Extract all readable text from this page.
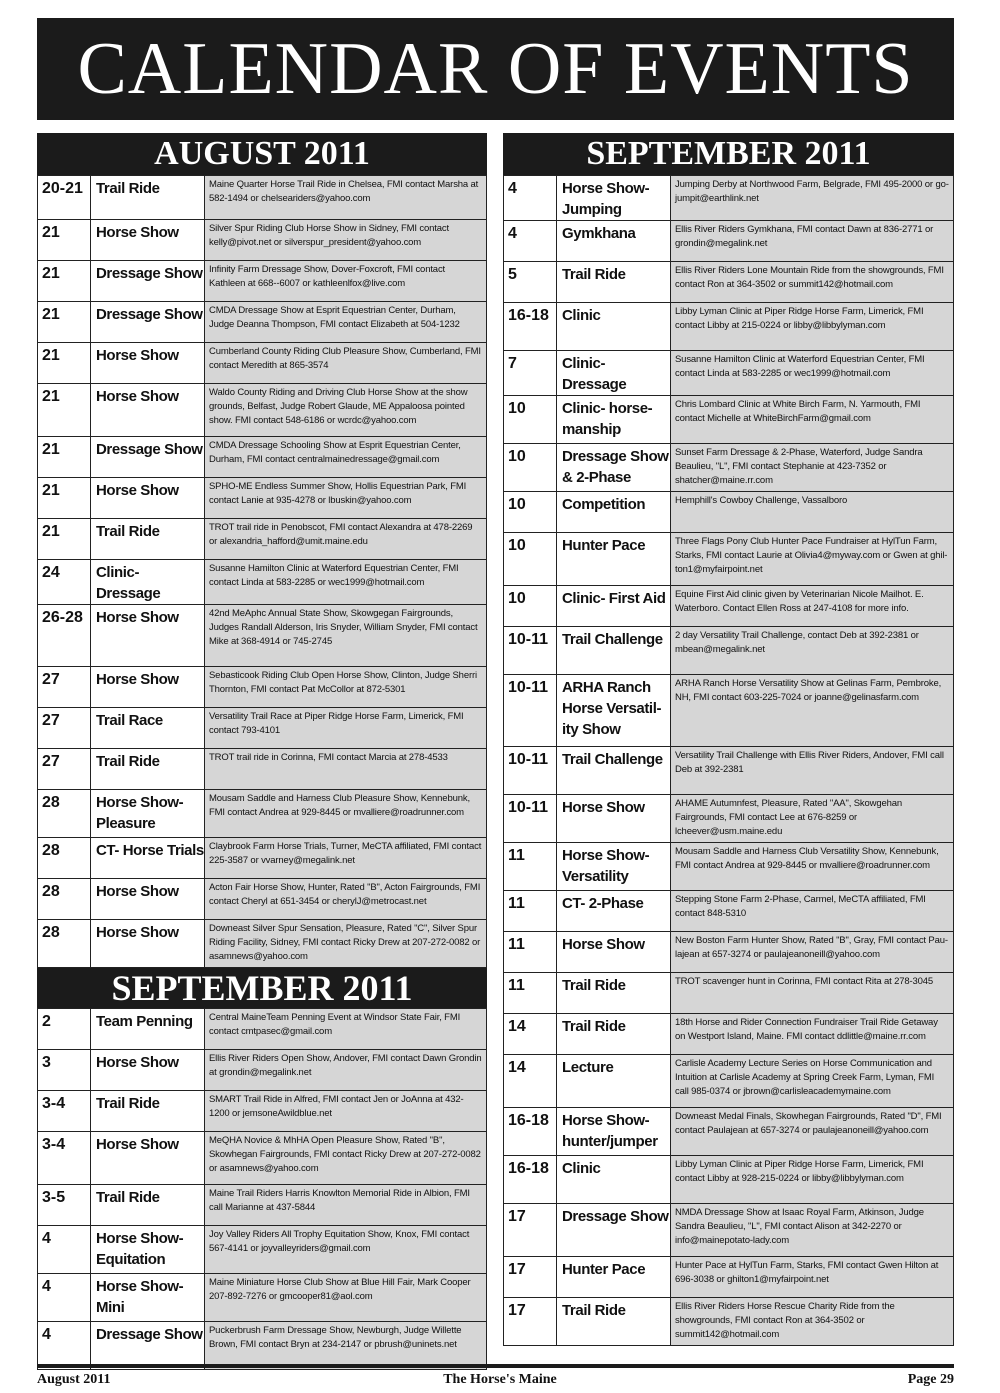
CALENDAR OF EVENTS
AUGUST 2011
20-21	Trail Ride	Maine Quarter Horse Trail Ride in Chelsea, FMI contact Marsha at 582-1494 or chelseariders@yahoo.com
21	Horse Show	Silver Spur Riding Club Horse Show in Sidney, FMI contact kelly@pivot.net or silverspur_president@yahoo.com
21	Dressage Show	Infinity Farm Dressage Show, Dover-Foxcroft, FMI contact Kathleen at 668--6007 or kathleenlfox@live.com
21	Dressage Show	CMDA Dressage Show at Esprit Equestrian Center, Durham, Judge Deanna Thompson, FMI contact Elizabeth at 504-1232
21	Horse Show	Cumberland County Riding Club Pleasure Show, Cumberland, FMI contact Meredith at 865-3574
21	Horse Show	Waldo County Riding and Driving Club Horse Show at the show grounds, Belfast, Judge Robert Glaude, ME Appaloosa pointed show. FMI contact 548-6186 or wcrdc@yahoo.com
21	Dressage Show	CMDA Dressage Schooling Show at Esprit Equestrian Center, Durham, FMI contact centralmainedressage@gmail.com
21	Horse Show	SPHO-ME Endless Summer Show, Hollis Equestrian Park, FMI contact Lanie at 935-4278 or lbuskin@yahoo.com
21	Trail Ride	TROT trail ride in Penobscot, FMI contact Alexandra at 478-2269 or alexandria_hafford@umit.maine.edu
24	Clinic- Dressage	Susanne Hamilton Clinic at Waterford Equestrian Center, FMI contact Linda at 583-2285 or wec1999@hotmail.com
26-28	Horse Show	42nd MeAphc Annual State Show, Skowgegan Fairgrounds, Judges Randall Alderson, Iris Snyder, William Snyder, FMI contact Mike at 368-4914 or 745-2745
27	Horse Show	Sebasticook Riding Club Open Horse Show, Clinton, Judge Sherri Thornton, FMI contact Pat McCollor at 872-5301
27	Trail Race	Versatility Trail Race at Piper Ridge Horse Farm, Limerick, FMI contact 793-4101
27	Trail Ride	TROT trail ride in Corinna, FMI contact Marcia at 278-4533
28	Horse Show- Pleasure	Mousam Saddle and Harness Club Pleasure Show, Kennebunk, FMI contact Andrea at 929-8445 or mvalliere@roadrunner.com
28	CT- Horse Trials	Claybrook Farm Horse Trials, Turner, MeCTA affiliated, FMI contact 225-3587 or vvarney@megalink.net
28	Horse Show	Acton Fair Horse Show, Hunter, Rated "B", Acton Fairgrounds, FMI contact Cheryl at 651-3454 or cherylJ@metrocast.net
28	Horse Show	Downeast Silver Spur Sensation, Pleasure, Rated "C", Silver Spur Riding Facility, Sidney, FMI contact Ricky Drew at 207-272-0082 or asamnews@yahoo.com
SEPTEMBER 2011
2	Team Penning	Central MaineTeam Penning Event at Windsor State Fair, FMI contact cmtpasec@gmail.com
3	Horse Show	Ellis River Riders Open Show, Andover, FMI contact Dawn Grondin at grondin@megalink.net
3-4	Trail Ride	SMART Trail Ride in Alfred, FMI contact Jen or JoAnna at 432-1200 or jemsoneAwildblue.net
3-4	Horse Show	MeQHA Novice & MhHA Open Pleasure Show, Rated "B", Skowhegan Fairgrounds, FMI contact Ricky Drew at 207-272-0082 or asamnews@yahoo.com
3-5	Trail Ride	Maine Trail Riders Harris Knowlton Memorial Ride in Albion, FMI call Marianne at 437-5844
4	Horse Show- Equitation	Joy Valley Riders All Trophy Equitation Show, Knox, FMI contact 567-4141 or joyvalleyriders@gmail.com
4	Horse Show- Mini	Maine Miniature Horse Club Show at Blue Hill Fair, Mark Cooper 207-892-7276 or gmcooper81@aol.com
4	Dressage Show	Puckerbrush Farm Dressage Show, Newburgh, Judge Willette Brown, FMI contact Bryn at 234-2147 or pbrush@uninets.net
SEPTEMBER 2011
4	Horse Show- Jumping	Jumping Derby at Northwood Farm, Belgrade, FMI 495-2000 or go-jumpit@earthlink.net
4	Gymkhana	Ellis River Riders Gymkhana, FMI contact Dawn at 836-2771 or grondin@megalink.net
5	Trail Ride	Ellis River Riders Lone Mountain Ride from the showgrounds, FMI contact Ron at 364-3502 or summit142@hotmail.com
16-18	Clinic	Libby Lyman Clinic at Piper Ridge Horse Farm, Limerick, FMI contact Libby at 215-0224 or libby@libbylyman.com
7	Clinic- Dressage	Susanne Hamilton Clinic at Waterford Equestrian Center, FMI contact Linda at 583-2285 or wec1999@hotmail.com
10	Clinic- horse-manship	Chris Lombard Clinic at White Birch Farm, N. Yarmouth, FMI contact Michelle at WhiteBirchFarm@gmail.com
10	Dressage Show & 2-Phase	Sunset Farm Dressage & 2-Phase, Waterford, Judge Sandra Beaulieu, "L", FMI contact Stephanie at 423-7352 or shatcher@maine.rr.com
10	Competition	Hemphill's Cowboy Challenge, Vassalboro
10	Hunter Pace	Three Flags Pony Club Hunter Pace Fundraiser at HylTun Farm, Starks, FMI contact Laurie at Olivia4@myway.com or Gwen at ghil-ton1@myfairpoint.net
10	Clinic- First Aid	Equine First Aid clinic given by Veterinarian Nicole Mailhot. E. Waterboro. Contact Ellen Ross at 247-4108 for more info.
10-11	Trail Challenge	2 day Versatility Trail Challenge, contact Deb at 392-2381 or mbean@megalink.net
10-11	ARHA Ranch Horse Versatil-ity Show	ARHA Ranch Horse Versatility Show at Gelinas Farm, Pembroke, NH, FMI contact 603-225-7024 or joanne@gelinasfarm.com
10-11	Trail Challenge	Versatility Trail Challenge with Ellis River Riders, Andover, FMI call Deb at 392-2381
10-11	Horse Show	AHAME Autumnfest, Pleasure, Rated "AA", Skowgehan Fairgrounds, FMI contact Lee at 676-8259 or lcheever@usm.maine.edu
11	Horse Show- Versatility	Mousam Saddle and Harness Club Versatility Show, Kennebunk, FMI contact Andrea at 929-8445 or mvalliere@roadrunner.com
11	CT- 2-Phase	Stepping Stone Farm 2-Phase, Carmel, MeCTA affiliated, FMI contact 848-5310
11	Horse Show	New Boston Farm Hunter Show, Rated "B", Gray, FMI contact Pau-lajean at 657-3274 or paulajeanoneill@yahoo.com
11	Trail Ride	TROT scavenger hunt in Corinna, FMI contact Rita at 278-3045
14	Trail Ride	18th Horse and Rider Connection Fundraiser Trail Ride Getaway on Westport Island, Maine. FMI contact ddlittle@maine.rr.com
14	Lecture	Carlisle Academy Lecture Series on Horse Communication and Intuition at Carlisle Academy at Spring Creek Farm, Lyman, FMI call 985-0374 or jbrown@carlisleacademymaine.com
16-18	Horse Show- hunter/jumper	Downeast Medal Finals, Skowhegan Fairgrounds, Rated "D", FMI contact Paulajean at 657-3274 or paulajeanoneill@yahoo.com
16-18	Clinic	Libby Lyman Clinic at Piper Ridge Horse Farm, Limerick, FMI contact Libby at 928-215-0224 or libby@libbylyman.com
17	Dressage Show	NMDA Dressage Show at Isaac Royal Farm, Atkinson, Judge Sandra Beaulieu, "L", FMI contact Alison at 342-2270 or info@mainepotato-lady.com
17	Hunter Pace	Hunter Pace at HylTun Farm, Starks, FMI contact Gwen Hilton at 696-3038 or ghilton1@myfairpoint.net
17	Trail Ride	Ellis River Riders Horse Rescue Charity Ride from the showgrounds, FMI contact Ron at 364-3502 or summit142@hotmail.com
August 2011	The Horse's Maine	Page 29
